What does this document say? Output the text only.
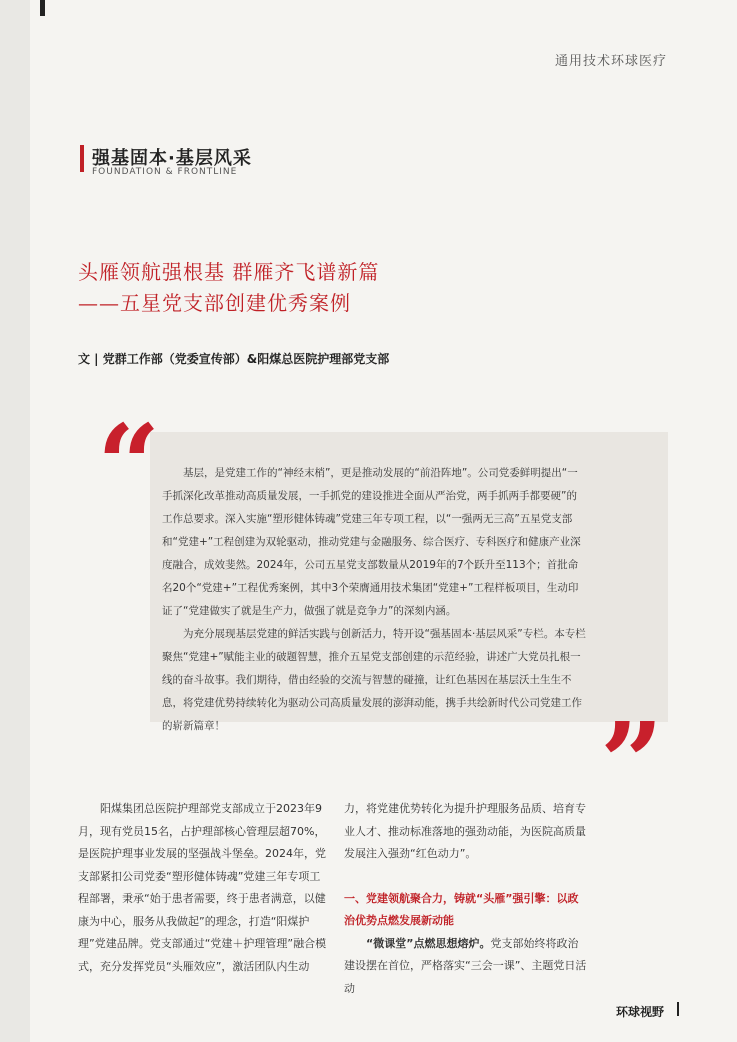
通用技术环球医疗
强基固本·基层风采
FOUNDATION & FRONTLINE
头雁领航强根基 群雁齐飞谱新篇
——五星党支部创建优秀案例
文 | 党群工作部（党委宣传部）&阳煤总医院护理部党支部
“	基层，是党建工作的“神经末梢”，更是推动发展的“前沿阵地”。公司党委鲜明提出“一手抓深化改革推动高质量发展，一手抓党的建设推进全面从严治党，两手抓两手都要硬”的工作总要求。深入实施“塑形健体铸魂”党建三年专项工程，以“一强两无三高”五星党支部和“党建+”工程创建为双轮驱动，推动党建与金融服务、综合医疗、专科医疗和健康产业深度融合，成效斐然。2024年，公司五星党支部数量从2019年的7个跃升至113个；首批命名20个“党建+”工程优秀案例，其中3个荣膺通用技术集团“党建+”工程样板项目，生动印证了“党建做实了就是生产力，做强了就是竞争力”的深刻内涵。

为充分展现基层党建的鲜活实践与创新活力，特开设“强基固本·基层风采”专栏。本专栏聚焦“党建+”赋能主业的破题智慧，推介五星党支部创建的示范经验，讲述广大党员扎根一线的奋斗故事。我们期待，借由经验的交流与智慧的碰撞，让红色基因在基层沃土生生不息，将党建优势持续转化为驱动公司高质量发展的澎湃动能，携手共绘新时代公司党建工作的崭新篇章！	”

阳煤集团总医院护理部党支部成立于2023年9月，现有党员15名，占护理部核心管理层超70%，是医院护理事业发展的坚强战斗堡垒。2024年，党支部紧扣公司党委“塑形健体铸魂”党建三年专项工程部署，秉承“始于患者需要，终于患者满意，以健康为中心，服务从我做起”的理念，打造“阳煤护理”党建品牌。党支部通过“党建＋护理管理”融合模式，充分发挥党员“头雁效应”，激活团队内生动

力，将党建优势转化为提升护理服务品质、培育专业人才、推动标准落地的强劲动能，为医院高质量发展注入强劲“红色动力”。

一、党建领航聚合力，铸就“头雁”强引擎：以政治优势点燃发展新动能

“微课堂”点燃思想熔炉。党支部始终将政治建设摆在首位，严格落实“三会一课”、主题党日活动

环球视野
